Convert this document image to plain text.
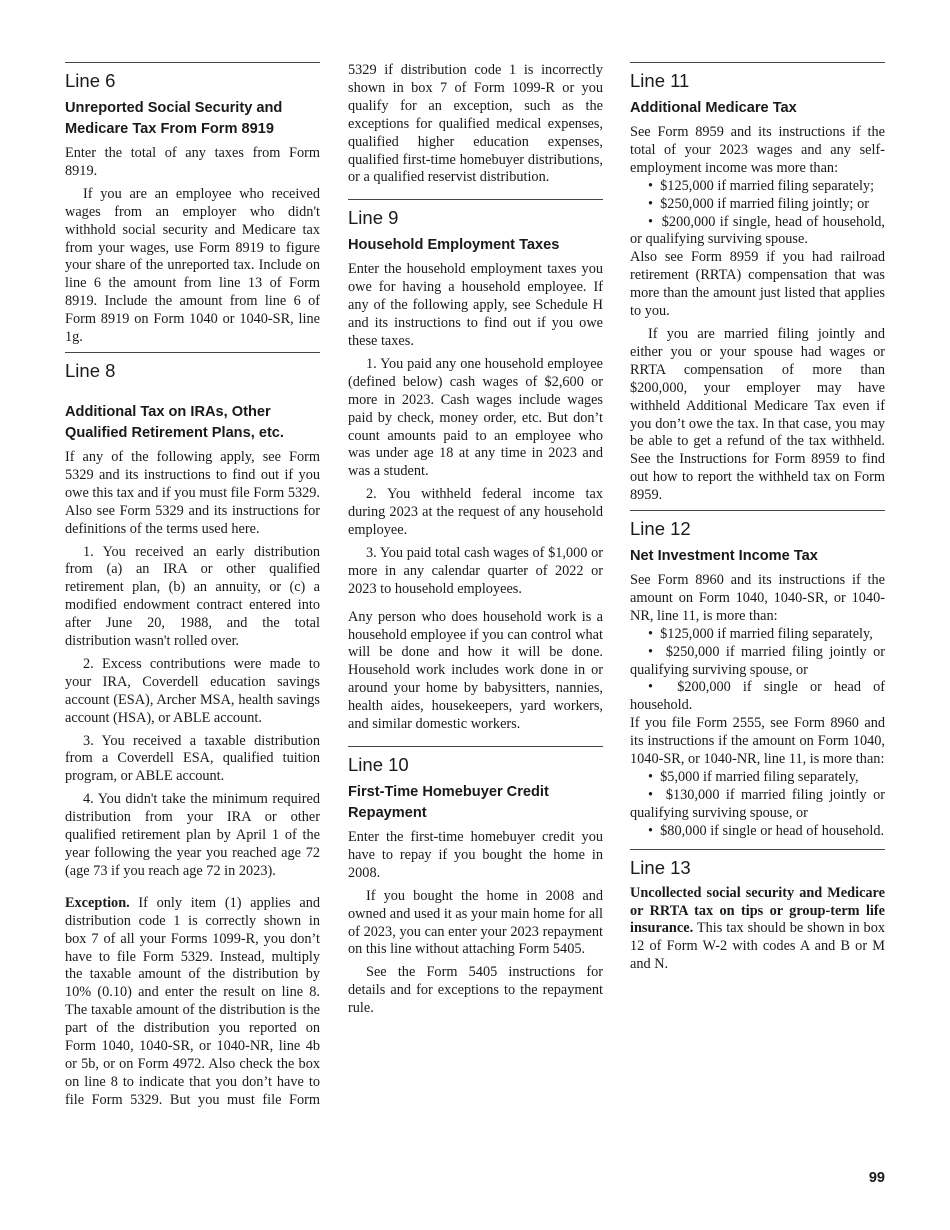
Line 6
Unreported Social Security and Medicare Tax From Form 8919

Enter the total of any taxes from Form 8919.

If you are an employee who received wages from an employer who didn't withhold social security and Medicare tax from your wages, use Form 8919 to figure your share of the unreported tax. Include on line 6 the amount from line 13 of Form 8919. Include the amount from line 6 of Form 8919 on Form 1040 or 1040-SR, line 1g.

Line 8
Additional Tax on IRAs, Other Qualified Retirement Plans, etc.

If any of the following apply, see Form 5329 and its instructions to find out if you owe this tax and if you must file Form 5329. Also see Form 5329 and its instructions for definitions of the terms used here.

1. You received an early distribution from (a) an IRA or other qualified retirement plan, (b) an annuity, or (c) a modified endowment contract entered into after June 20, 1988, and the total distribution wasn't rolled over.

2. Excess contributions were made to your IRA, Coverdell education savings account (ESA), Archer MSA, health savings account (HSA), or ABLE account.

3. You received a taxable distribution from a Coverdell ESA, qualified tuition program, or ABLE account.

4. You didn't take the minimum required distribution from your IRA or other qualified retirement plan by April 1 of the year following the year you reached age 72 (age 73 if you reach age 72 in 2023).

Exception. If only item (1) applies and distribution code 1 is correctly shown in box 7 of all your Forms 1099-R, you don’t have to file Form 5329. Instead, multiply the taxable amount of the distribution by 10% (0.10) and enter the result on line 8. The taxable amount of the distribution is the part of the distribution you reported on Form 1040, 1040-SR, or 1040-NR, line 4b or 5b, or on Form 4972. Also check the box on line 8 to indicate that you don’t have to file Form 5329. But you must file Form 5329 if distribution code 1 is incorrectly shown in box 7 of Form 1099-R or you qualify for an exception, such as the exceptions for qualified medical expenses, qualified higher education expenses, qualified first-time homebuyer distributions, or a qualified reservist distribution.

Line 9
Household Employment Taxes

Enter the household employment taxes you owe for having a household employee. If any of the following apply, see Schedule H and its instructions to find out if you owe these taxes.

1. You paid any one household employee (defined below) cash wages of $2,600 or more in 2023. Cash wages include wages paid by check, money order, etc. But don’t count amounts paid to an employee who was under age 18 at any time in 2023 and was a student.

2. You withheld federal income tax during 2023 at the request of any household employee.

3. You paid total cash wages of $1,000 or more in any calendar quarter of 2022 or 2023 to household employees.

Any person who does household work is a household employee if you can control what will be done and how it will be done. Household work includes work done in or around your home by babysitters, nannies, health aides, housekeepers, yard workers, and similar domestic workers.

Line 10
First-Time Homebuyer Credit Repayment

Enter the first-time homebuyer credit you have to repay if you bought the home in 2008.

If you bought the home in 2008 and owned and used it as your main home for all of 2023, you can enter your 2023 repayment on this line without attaching Form 5405.

See the Form 5405 instructions for details and for exceptions to the repayment rule.

Line 11
Additional Medicare Tax

See Form 8959 and its instructions if the total of your 2023 wages and any self-employment income was more than:

•  $125,000 if married filing separately;

•  $250,000 if married filing jointly; or

•  $200,000 if single, head of household, or qualifying surviving spouse.

Also see Form 8959 if you had railroad retirement (RRTA) compensation that was more than the amount just listed that applies to you.

If you are married filing jointly and either you or your spouse had wages or RRTA compensation of more than $200,000, your employer may have withheld Additional Medicare Tax even if you don’t owe the tax. In that case, you may be able to get a refund of the tax withheld. See the Instructions for Form 8959 to find out how to report the withheld tax on Form 8959.

Line 12
Net Investment Income Tax

See Form 8960 and its instructions if the amount on Form 1040, 1040-SR, or 1040-NR, line 11, is more than:

•  $125,000 if married filing separately,

•  $250,000 if married filing jointly or qualifying surviving spouse, or

•  $200,000 if single or head of household.

If you file Form 2555, see Form 8960 and its instructions if the amount on Form 1040, 1040-SR, or 1040-NR, line 11, is more than:

•  $5,000 if married filing separately,

•  $130,000 if married filing jointly or qualifying surviving spouse, or

•  $80,000 if single or head of household.

Line 13

Uncollected social security and Medicare or RRTA tax on tips or group-term life insurance. This tax should be shown in box 12 of Form W-2 with codes A and B or M and N.

99
